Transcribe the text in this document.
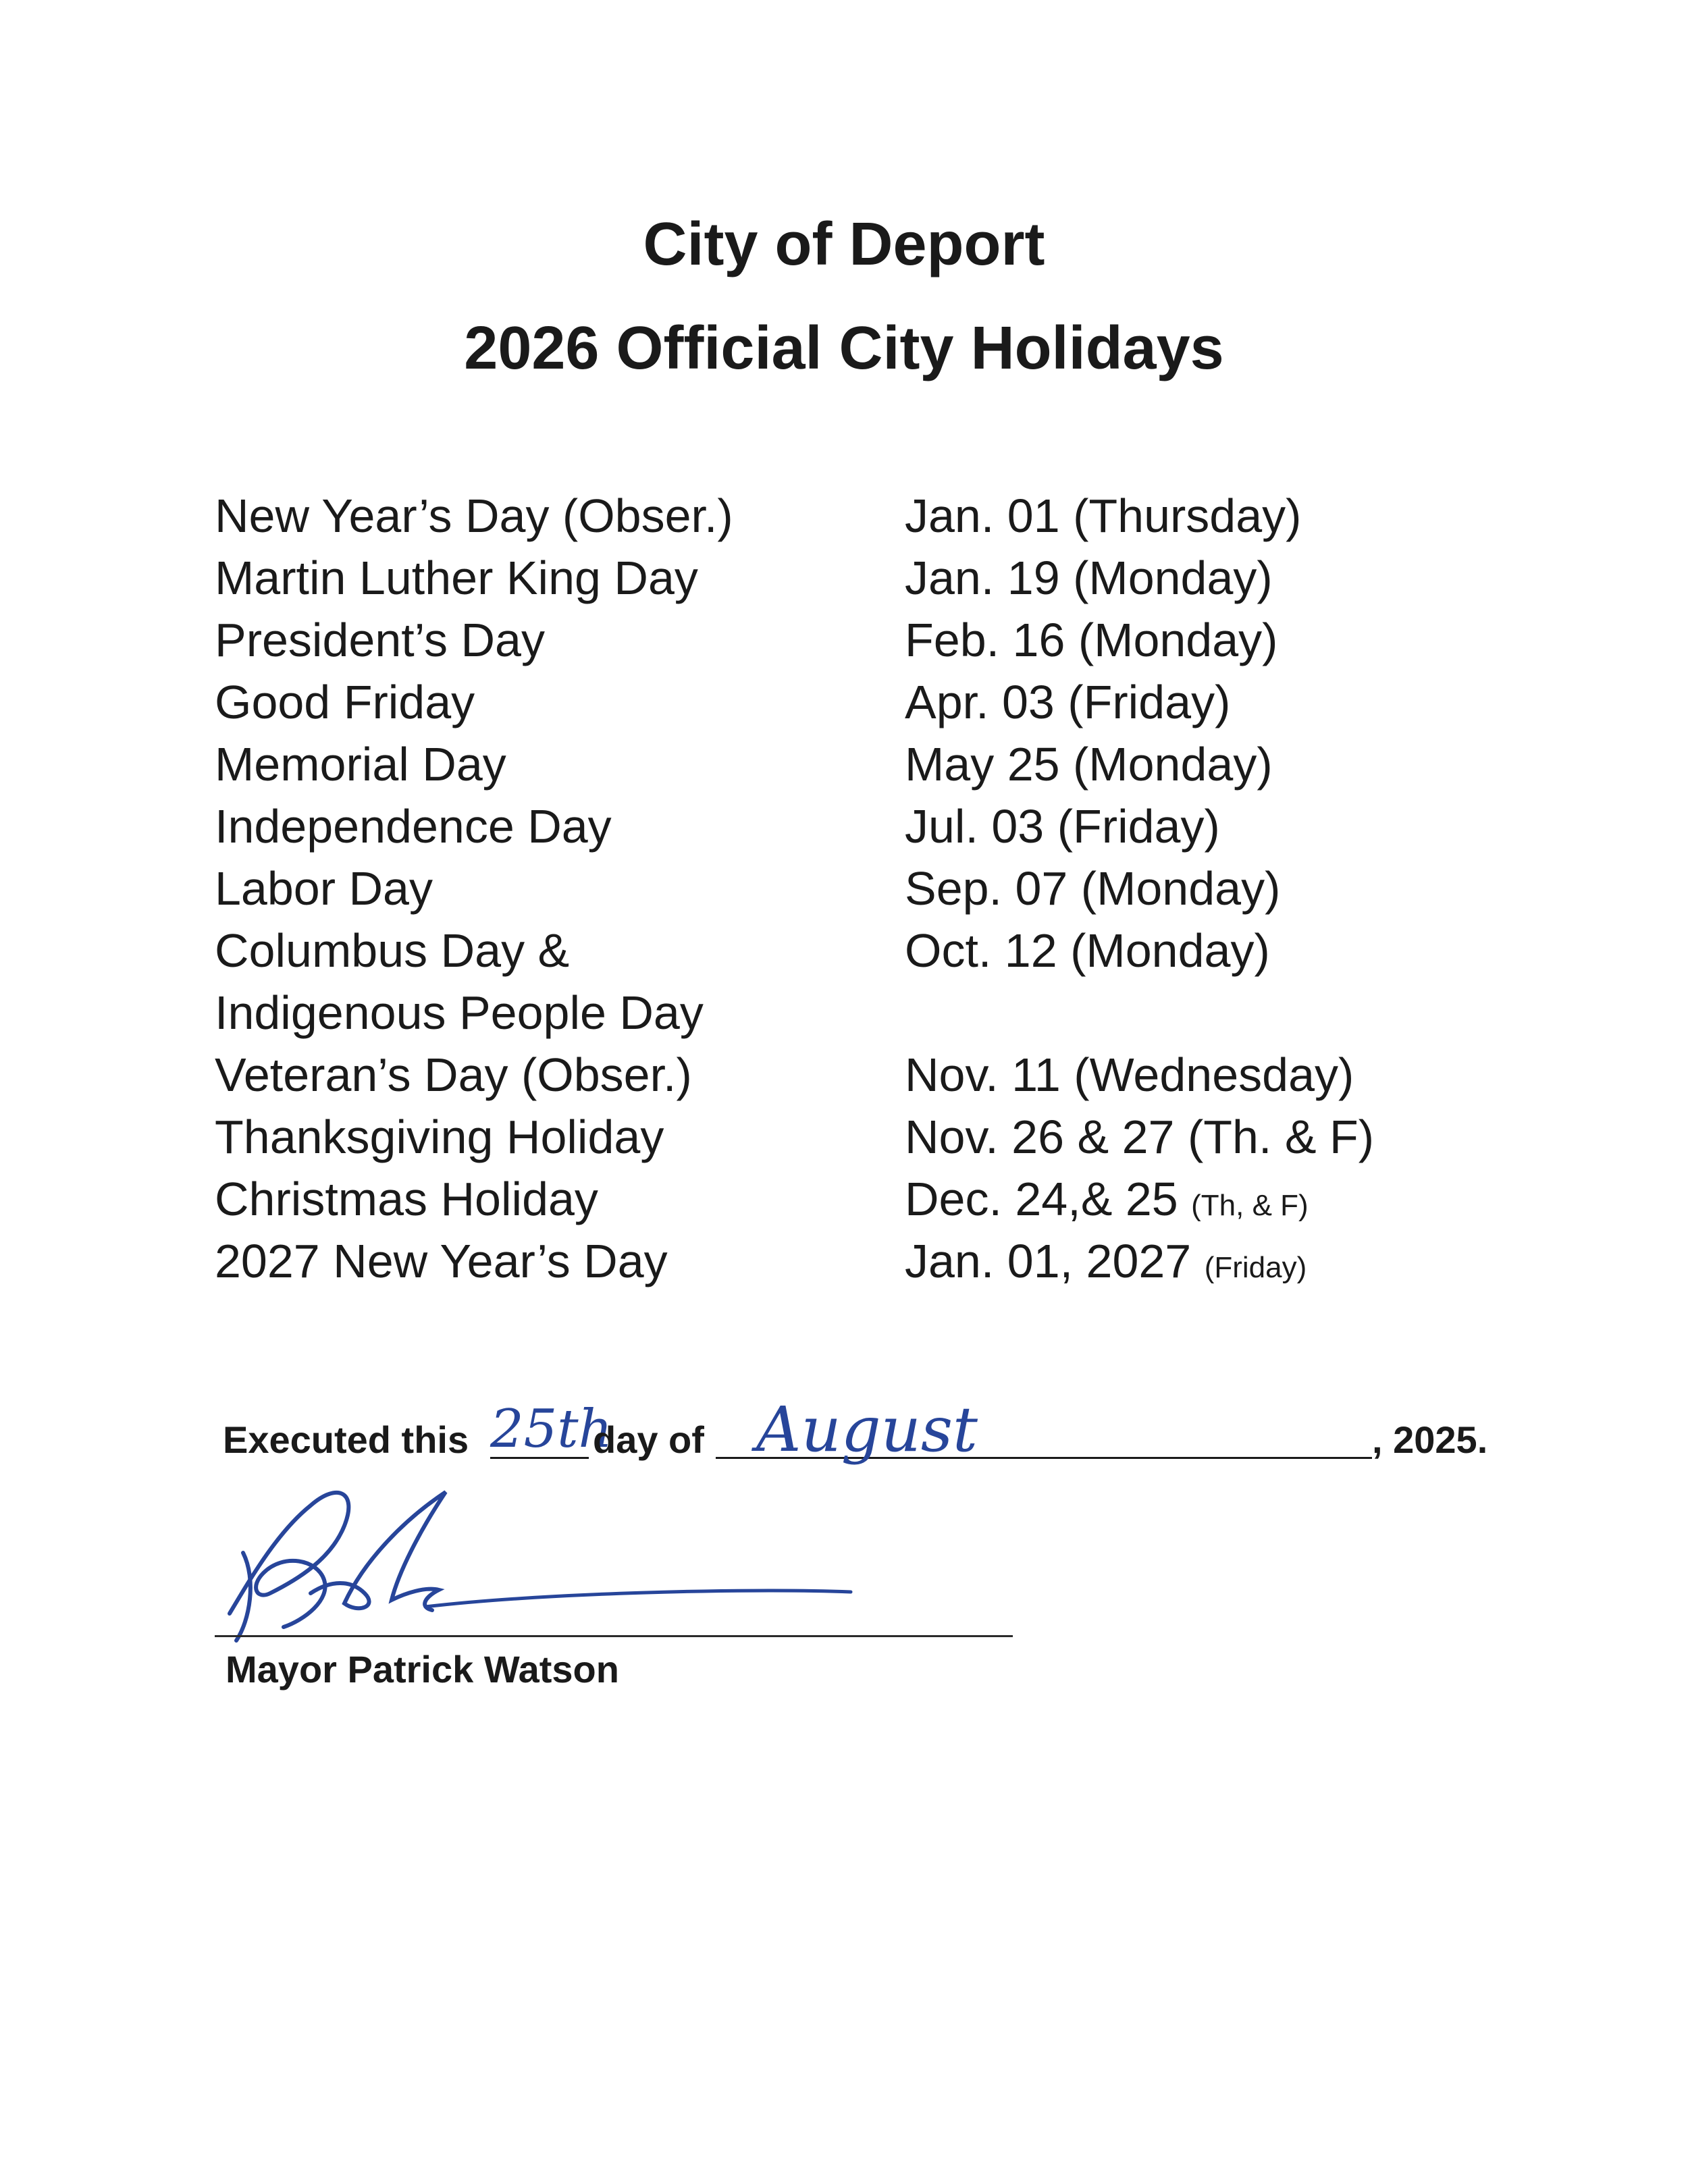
City of Deport
2026 Official City Holidays
New Year’s Day (Obser.)	Jan. 01 (Thursday)
Martin Luther King Day	Jan. 19 (Monday)
President’s Day	Feb. 16 (Monday)
Good Friday	Apr. 03 (Friday)
Memorial Day	May 25 (Monday)
Independence Day	Jul. 03 (Friday)
Labor Day	Sep. 07 (Monday)
Columbus Day &	Oct. 12 (Monday)
Indigenous People Day
Veteran’s Day (Obser.)	Nov. 11 (Wednesday)
Thanksgiving Holiday	Nov. 26 & 27 (Th. & F)
Christmas Holiday	Dec. 24,& 25 (Th, & F)
2027 New Year’s Day	Jan. 01, 2027 (Friday)
Executed this 25th
day of August	, 2025.
Mayor Patrick Watson
